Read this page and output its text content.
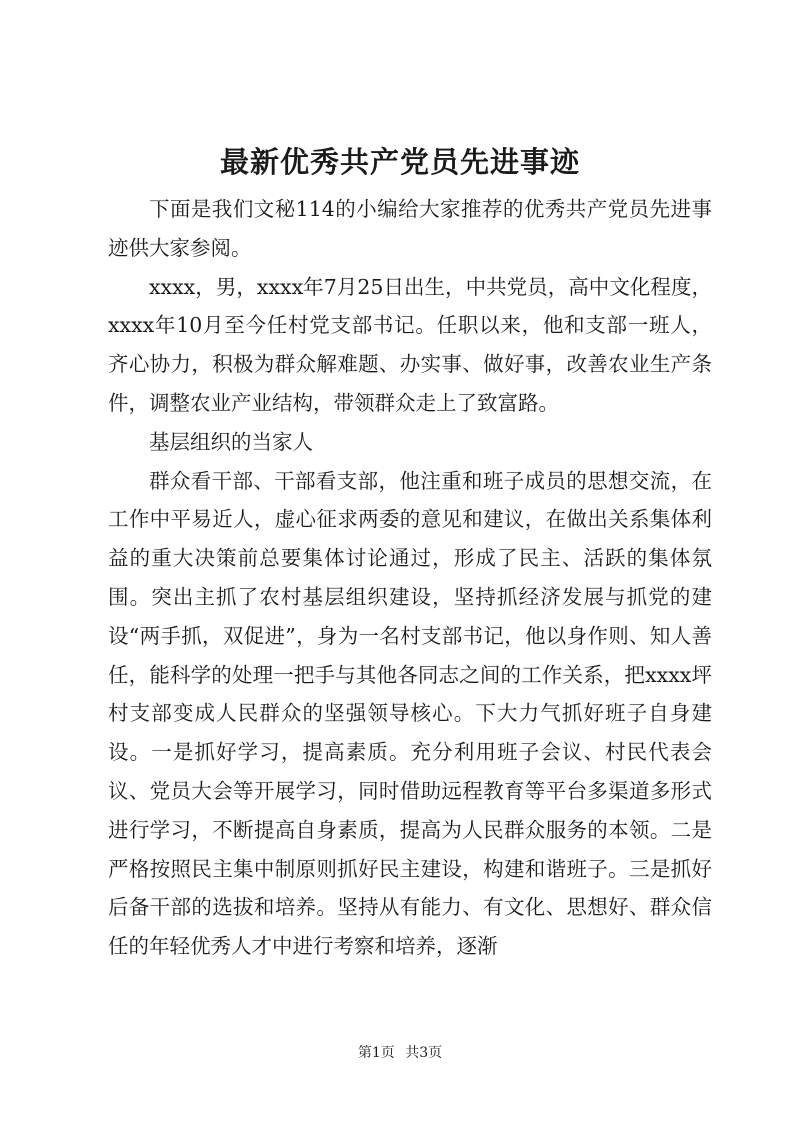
最新优秀共产党员先进事迹

下面是我们文秘114的小编给大家推荐的优秀共产党员先进事迹供大家参阅。

xxxx，男，xxxx年7月25日出生，中共党员，高中文化程度，xxxx年10月至今任村党支部书记。任职以来，他和支部一班人，齐心协力，积极为群众解难题、办实事、做好事，改善农业生产条件，调整农业产业结构，带领群众走上了致富路。

基层组织的当家人

群众看干部、干部看支部，他注重和班子成员的思想交流，在工作中平易近人，虚心征求两委的意见和建议，在做出关系集体利益的重大决策前总要集体讨论通过，形成了民主、活跃的集体氛围。突出主抓了农村基层组织建设，坚持抓经济发展与抓党的建设“两手抓，双促进”，身为一名村支部书记，他以身作则、知人善任，能科学的处理一把手与其他各同志之间的工作关系，把xxxx坪村支部变成人民群众的坚强领导核心。下大力气抓好班子自身建设。一是抓好学习，提高素质。充分利用班子会议、村民代表会议、党员大会等开展学习，同时借助远程教育等平台多渠道多形式进行学习，不断提高自身素质，提高为人民群众服务的本领。二是严格按照民主集中制原则抓好民主建设，构建和谐班子。三是抓好后备干部的选拔和培养。坚持从有能力、有文化、思想好、群众信任的年轻优秀人才中进行考察和培养，逐渐

第1页 共3页
